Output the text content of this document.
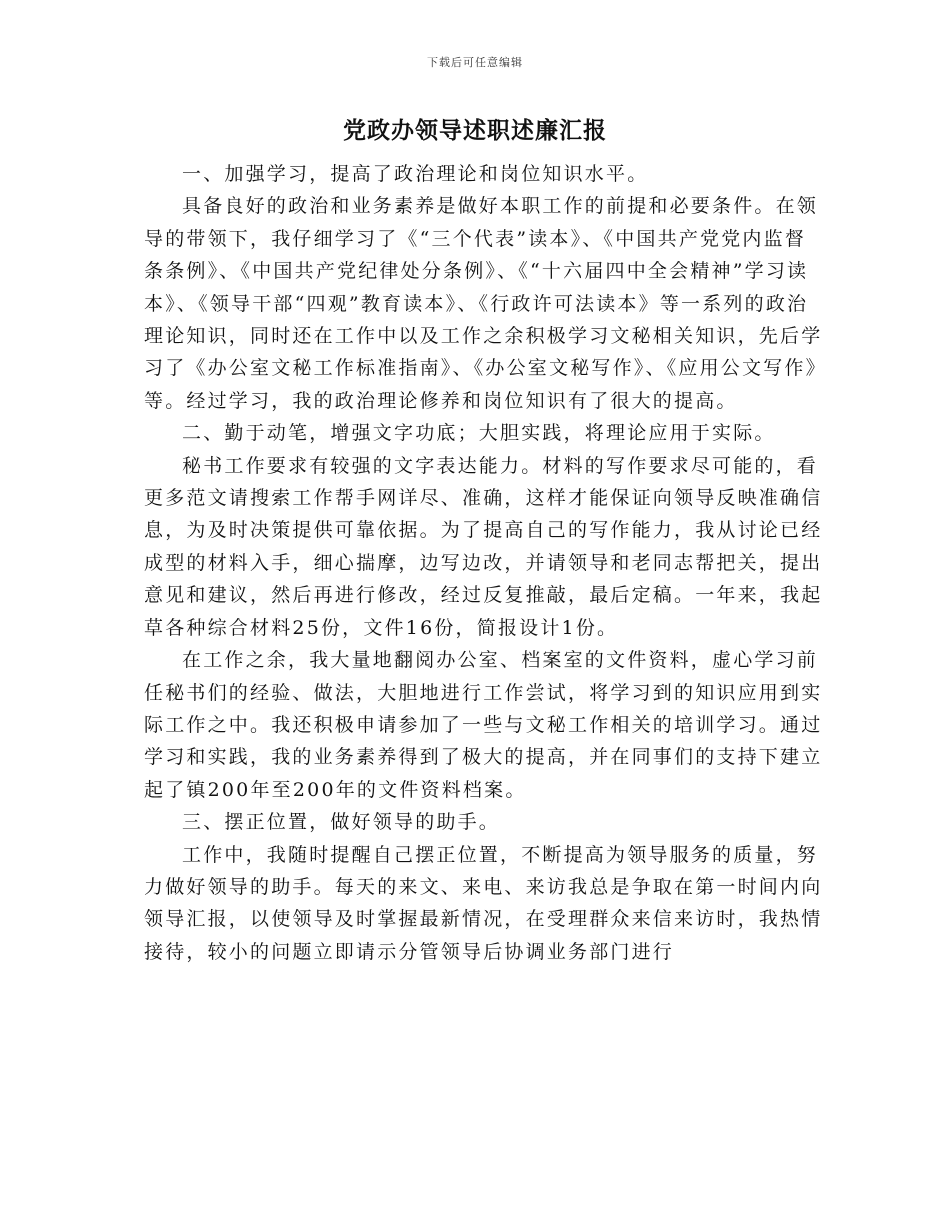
下载后可任意编辑
党政办领导述职述廉汇报

一、加强学习，提高了政治理论和岗位知识水平。

具备良好的政治和业务素养是做好本职工作的前提和必要条件。在领导的带领下，我仔细学习了《“三个代表”读本》、《中国共产党党内监督条条例》、《中国共产党纪律处分条例》、《“十六届四中全会精神”学习读本》、《领导干部“四观”教育读本》、《行政许可法读本》等一系列的政治理论知识，同时还在工作中以及工作之余积极学习文秘相关知识，先后学习了《办公室文秘工作标准指南》、《办公室文秘写作》、《应用公文写作》等。经过学习，我的政治理论修养和岗位知识有了很大的提高。

二、勤于动笔，增强文字功底；大胆实践，将理论应用于实际。

秘书工作要求有较强的文字表达能力。材料的写作要求尽可能的，看更多范文请搜索工作帮手网详尽、准确，这样才能保证向领导反映准确信息，为及时决策提供可靠依据。为了提高自己的写作能力，我从讨论已经成型的材料入手，细心揣摩，边写边改，并请领导和老同志帮把关，提出意见和建议，然后再进行修改，经过反复推敲，最后定稿。一年来，我起草各种综合材料25份，文件16份，简报设计1份。

在工作之余，我大量地翻阅办公室、档案室的文件资料，虚心学习前任秘书们的经验、做法，大胆地进行工作尝试，将学习到的知识应用到实际工作之中。我还积极申请参加了一些与文秘工作相关的培训学习。通过学习和实践，我的业务素养得到了极大的提高，并在同事们的支持下建立起了镇200年至200年的文件资料档案。

三、摆正位置，做好领导的助手。

工作中，我随时提醒自己摆正位置，不断提高为领导服务的质量，努力做好领导的助手。每天的来文、来电、来访我总是争取在第一时间内向领导汇报，以使领导及时掌握最新情况，在受理群众来信来访时，我热情接待，较小的问题立即请示分管领导后协调业务部门进行
